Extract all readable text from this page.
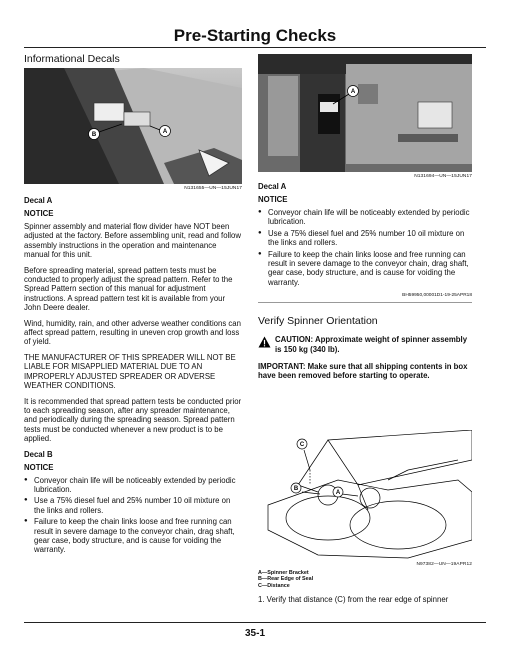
Pre-Starting Checks
Informational Decals
B	A
N131655—UN—15JUN17
Decal A
NOTICE

Spinner assembly and material flow divider have NOT been adjusted at the factory. Before assembling unit, read and follow assembly instructions in the operation and maintenance manual for this unit.

Before spreading material, spread pattern tests must be conducted to properly adjust the spread pattern. Refer to the Spread Pattern section of this manual for adjustment instructions. A spread pattern test kit is available from your John Deere dealer.

Wind, humidity, rain, and other adverse weather conditions can affect spread pattern, resulting in uneven crop growth and loss of yield.

THE MANUFACTURER OF THIS SPREADER WILL NOT BE LIABLE FOR MISAPPLIED MATERIAL DUE TO AN IMPROPERLY ADJUSTED SPREADER OR ADVERSE WEATHER CONDITIONS.

It is recommended that spread pattern tests be conducted prior to each spreading season, after any spreader maintenance, and periodically during the spreading season. Spread pattern tests must be conducted whenever a new product is to be applied.

Decal B
NOTICE
● Conveyor chain life will be noticeably extended by periodic lubrication.
● Use a 75% diesel fuel and 25% number 10 oil mixture on the links and rollers.
● Failure to keep the chain links loose and free running can result in severe damage to the conveyor chain, drag shaft, gear case, body structure, and is cause for voiding the warranty.
A
N131694—UN—15JUN17
Decal A
NOTICE
● Conveyor chain life will be noticeably extended by periodic lubrication.
● Use a 75% diesel fuel and 25% number 10 oil mixture on the links and rollers.
● Failure to keep the chain links loose and free running can result in severe damage to the conveyor chain, drag shaft, gear case, body structure, and is cause for voiding the warranty.
BH59950,00001D1-19-25APR18
Verify Spinner Orientation
CAUTION: Approximate weight of spinner assembly is 150 kg (340 lb).
IMPORTANT: Make sure that all shipping contents in box have been removed before starting to operate.
C
B
A
N97382—UN—19APR12
A—Spinner Bracket
B—Rear Edge of Seal
C—Distance
1. Verify that distance (C) from the rear edge of spinner
35-1
